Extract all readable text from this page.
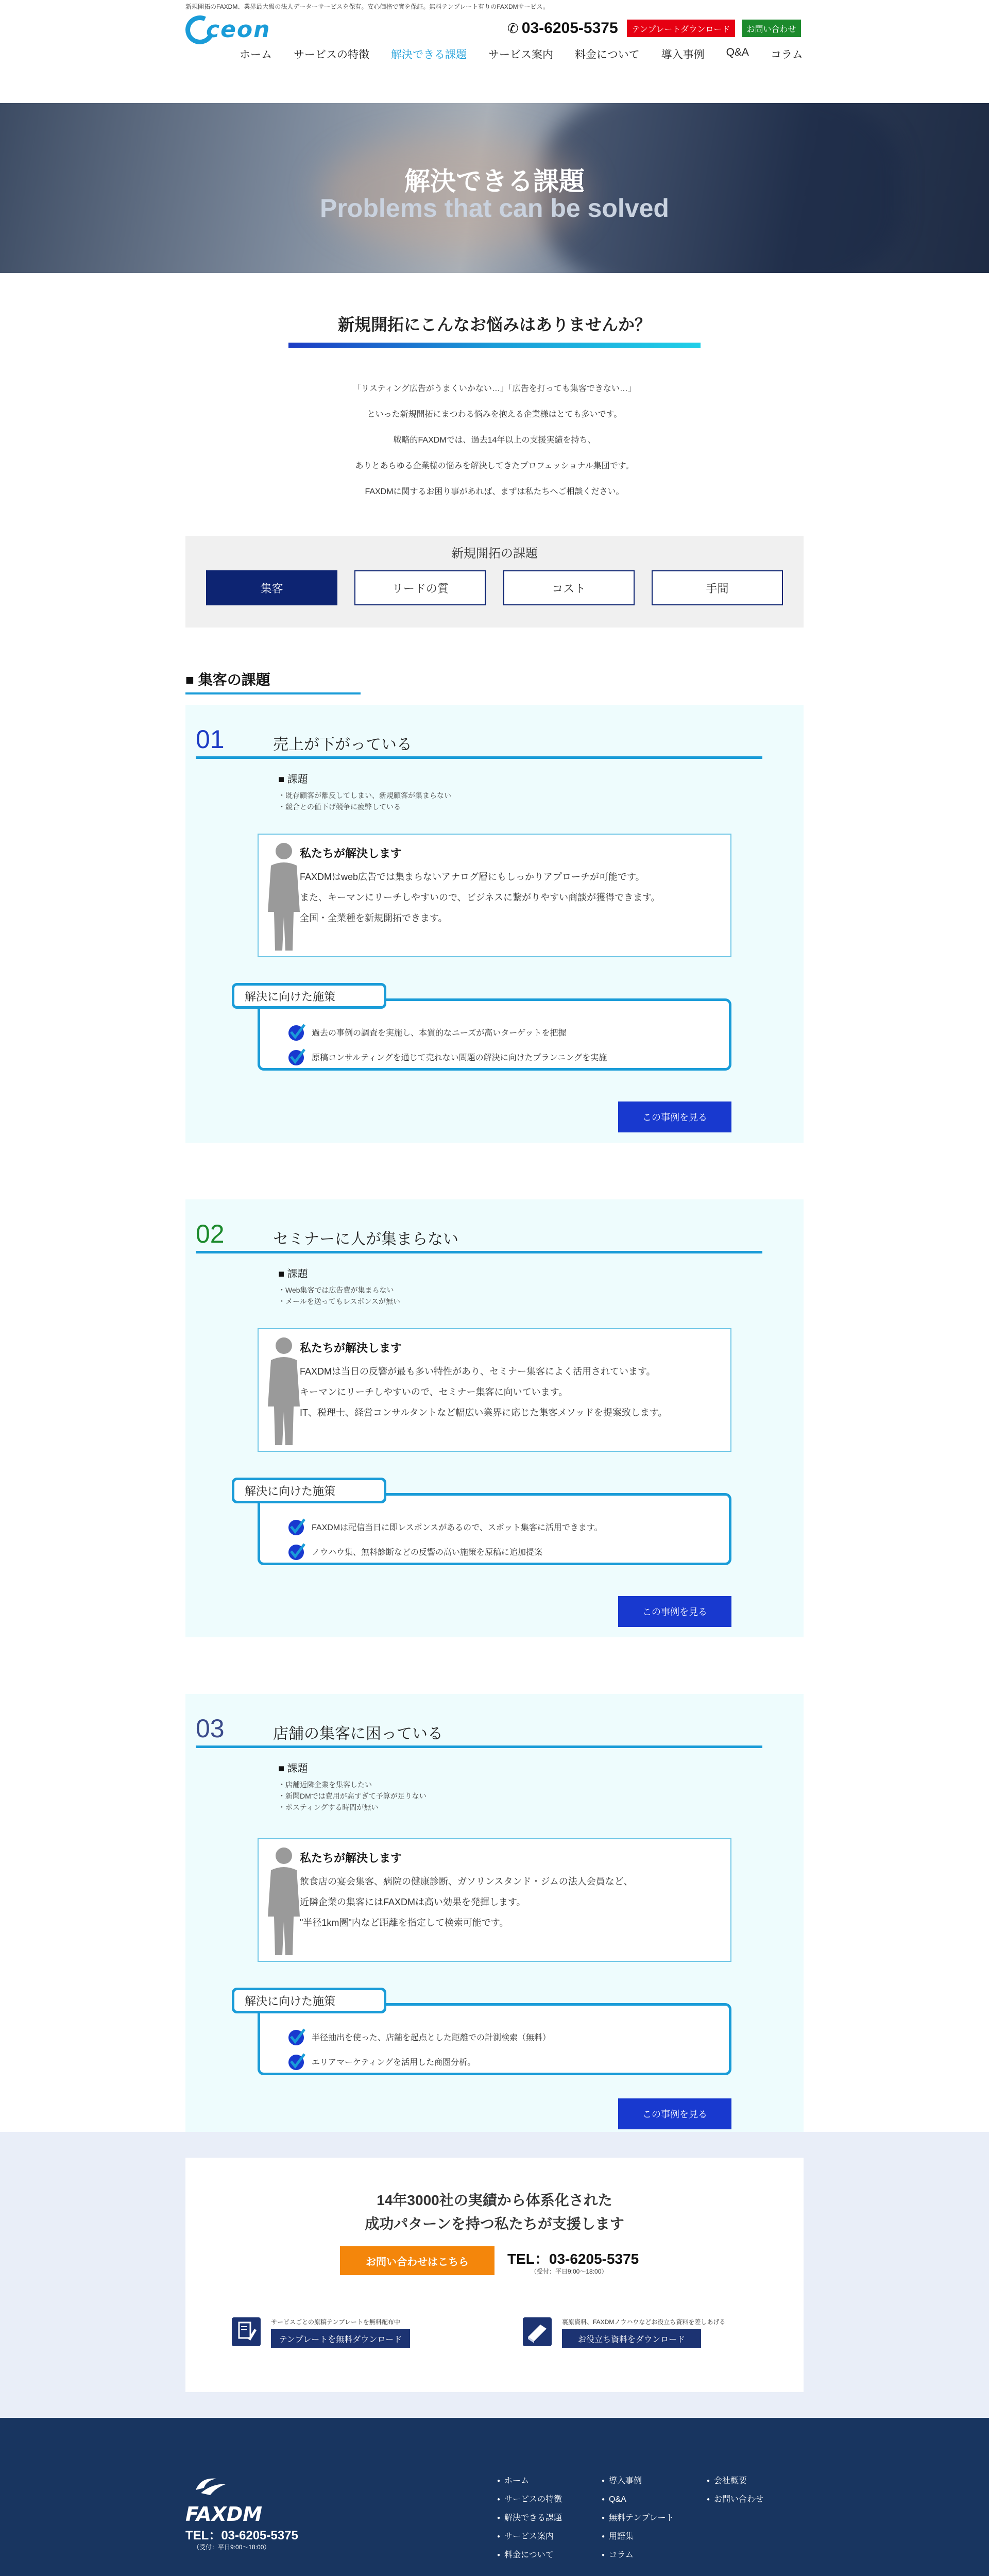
新規開拓のFAXDM、業界最大級の法人データーサービスを保有。安心価格で實を保証。無料テンプレート有りのFAXDMサービス。
ceon	✆ 03-6205-5375	テンプレートダウンロード	お問い合わせ
ホーム サービスの特徴 解決できる課題 サービス案内 料金について 導入事例 Q&A コラム
解決できる課題
Problems that can be solved
新規開拓にこんなお悩みはありませんか？
「リスティング広告がうまくいかない…」「広告を打っても集客できない…」
といった新規開拓にまつわる悩みを抱える企業様はとても多いです。
戦略的FAXDMでは、過去14年以上の支援実績を持ち、
ありとあらゆる企業様の悩みを解決してきたプロフェッショナル集団です。
FAXDMに関するお困り事があれば、まずは私たちへご相談ください。
新規開拓の課題
集客	リードの質	コスト	手間
■ 集客の課題
01	売上が下がっている
■ 課題
・既存顧客が離反してしまい、新規顧客が集まらない
・競合との値下げ競争に疲弊している
私たちが解決します
FAXDMはweb広告では集まらないアナログ層にもしっかりアプローチが可能です。
また、キーマンにリーチしやすいので、ビジネスに繋がりやすい商談が獲得できます。
全国・全業種を新規開拓できます。
過去の事例の調査を実施し、本質的なニーズが高いターゲットを把握
原稿コンサルティングを通じて売れない問題の解決に向けたプランニングを実施
解決に向けた施策
この事例を見る
02	セミナーに人が集まらない
■ 課題
・Web集客では広告費が集まらない
・メールを送ってもレスポンスが無い
私たちが解決します
FAXDMは当日の反響が最も多い特性があり、セミナー集客によく活用されています。
キーマンにリーチしやすいので、セミナー集客に向いています。
IT、税理士、経営コンサルタントなど幅広い業界に応じた集客メソッドを提案致します。
FAXDMは配信当日に即レスポンスがあるので、スポット集客に活用できます。
ノウハウ集、無料診断などの反響の高い施策を原稿に追加提案
解決に向けた施策
この事例を見る
03	店舗の集客に困っている
■ 課題
・店舗近隣企業を集客したい
・新聞DMでは費用が高すぎて予算が足りない
・ポスティングする時間が無い
私たちが解決します
飲食店の宴会集客、病院の健康診断、ガソリンスタンド・ジムの法人会員など、
近隣企業の集客にはFAXDMは高い効果を発揮します。
"半径1km圏"内など距離を指定して検索可能です。
半径抽出を使った、店舗を起点とした距離での計測検索（無料）
エリアマーケティングを活用した商圏分析。
解決に向けた施策
この事例を見る
14年3000社の実績から体系化された
成功パターンを持つ私たちが支援します
お問い合わせはこちら	TEL：03-6205-5375
（受付：平日9:00〜18:00）
サービスごとの原稿テンプレートを無料配布中
テンプレートを無料ダウンロード
裏原資料、FAXDMノウハウなどお役立ち資料を差しあげる
お役立ち資料をダウンロード
FAXDM
TEL：03-6205-5375
（受付：平日9:00〜18:00）
● ホーム
● サービスの特徴
● 解決できる課題
● サービス案内
● 料金について
● 導入事例
● Q&A
● 無料テンプレート
● 用語集
● コラム
● 会社概要
● お問い合わせ
